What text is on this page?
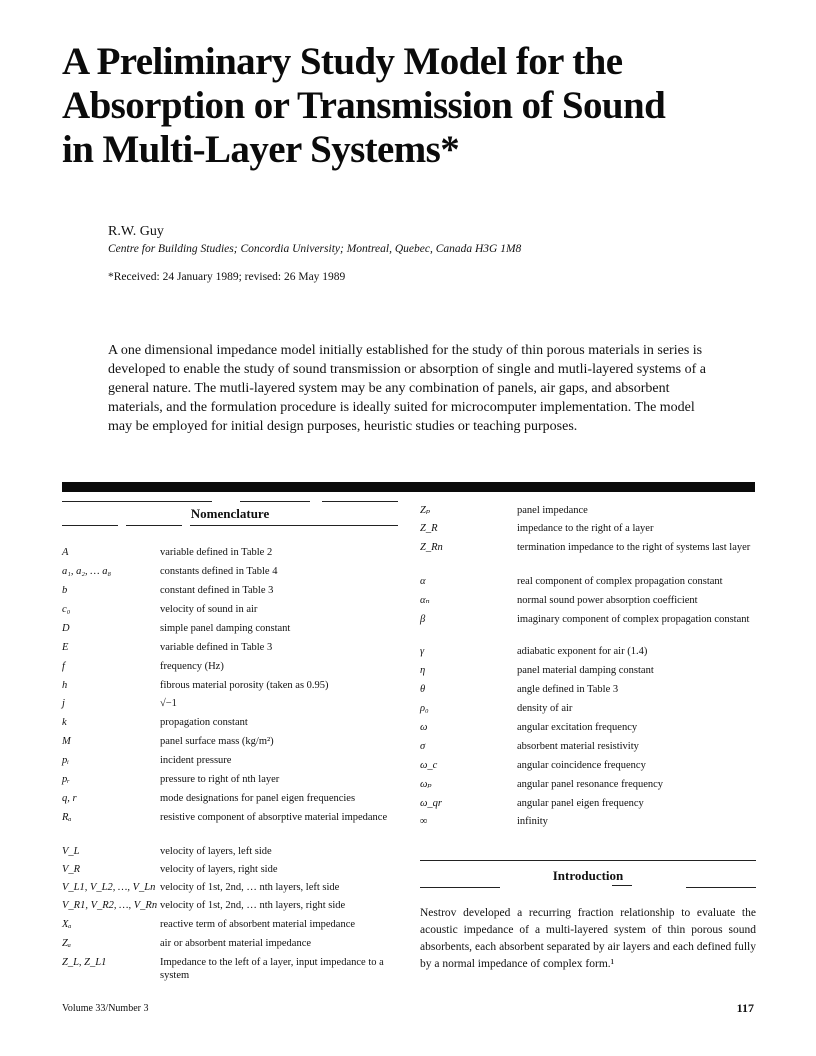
A Preliminary Study Model for the
Absorption or Transmission of Sound
in Multi-Layer Systems*
R.W. Guy
Centre for Building Studies; Concordia University; Montreal, Quebec, Canada H3G 1M8
*Received: 24 January 1989; revised: 26 May 1989

A one dimensional impedance model initially established for the study of thin porous materials in series is developed to enable the study of sound transmission or absorption of single and mutli-layered systems of a general nature. The mutli-layered system may be any combination of panels, air gaps, and absorbent materials, and the formulation procedure is ideally suited for microcomputer implementation. The model may be employed for initial design purposes, heuristic studies or teaching purposes.

Nomenclature
A	variable defined in Table 2
a₁, a₂, … a₈	constants defined in Table 4
b	constant defined in Table 3
c₀	velocity of sound in air
D	simple panel damping constant
E	variable defined in Table 3
f	frequency (Hz)
h	fibrous material porosity (taken as 0.95)
j	√−1
k	propagation constant
M	panel surface mass (kg/m²)
pᵢ	incident pressure
pᵣ	pressure to right of nth layer
q, r	mode designations for panel eigen frequencies
Rₐ	resistive component of absorptive material impedance
V_L	velocity of layers, left side
V_R	velocity of layers, right side
V_L1, V_L2, …, V_Ln velocity of 1st, 2nd, … nth layers, left side
V_R1, V_R2, …, V_Rn velocity of 1st, 2nd, … nth layers, right side
Xₐ	reactive term of absorbent material impedance
Zₐ	air or absorbent material impedance
Z_L, Z_L1	Impedance to the left of a layer, input impedance to a system
Zₚ	panel impedance
Z_R	impedance to the right of a layer
Z_Rn	termination impedance to the right of systems last layer
α	real component of complex propagation constant
αₙ	normal sound power absorption coefficient
β	imaginary component of complex propagation constant
γ	adiabatic exponent for air (1.4)
η	panel material damping constant
θ	angle defined in Table 3
ρ₀	density of air
ω	angular excitation frequency
σ	absorbent material resistivity
ω_c	angular coincidence frequency
ωₚ	angular panel resonance frequency
ω_qr	angular panel eigen frequency
∞	infinity
Introduction

Nestrov developed a recurring fraction relationship to evaluate the acoustic impedance of a multi-layered system of thin porous sound absorbents, each absorbent separated by air layers and each defined fully by a normal impedance of complex form.¹

Volume 33/Number 3	117
